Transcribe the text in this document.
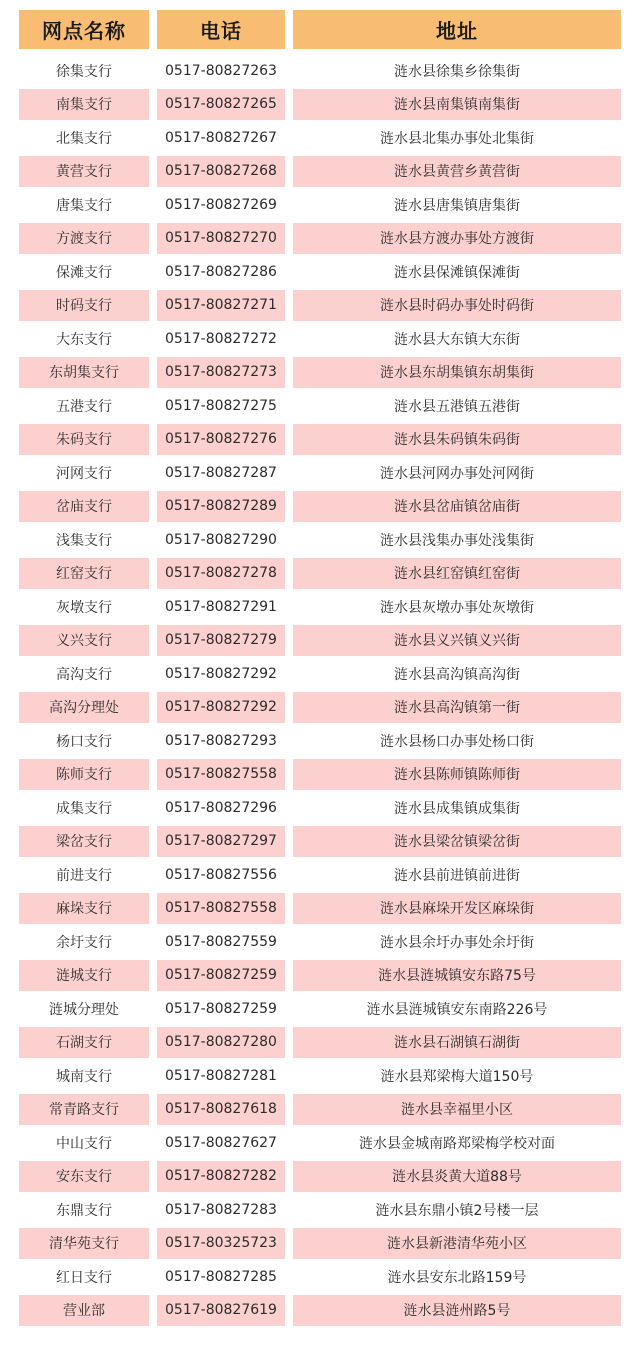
网点名称	电话	地址
徐集支行	0517-80827263	涟水县徐集乡徐集街
南集支行	0517-80827265	涟水县南集镇南集街
北集支行	0517-80827267	涟水县北集办事处北集街
黄营支行	0517-80827268	涟水县黄营乡黄营街
唐集支行	0517-80827269	涟水县唐集镇唐集街
方渡支行	0517-80827270	涟水县方渡办事处方渡街
保滩支行	0517-80827286	涟水县保滩镇保滩街
时码支行	0517-80827271	涟水县时码办事处时码街
大东支行	0517-80827272	涟水县大东镇大东街
东胡集支行	0517-80827273	涟水县东胡集镇东胡集街
五港支行	0517-80827275	涟水县五港镇五港街
朱码支行	0517-80827276	涟水县朱码镇朱码街
河网支行	0517-80827287	涟水县河网办事处河网街
岔庙支行	0517-80827289	涟水县岔庙镇岔庙街
浅集支行	0517-80827290	涟水县浅集办事处浅集街
红窑支行	0517-80827278	涟水县红窑镇红窑街
灰墩支行	0517-80827291	涟水县灰墩办事处灰墩街
义兴支行	0517-80827279	涟水县义兴镇义兴街
高沟支行	0517-80827292	涟水县高沟镇高沟街
高沟分理处	0517-80827292	涟水县高沟镇第一街
杨口支行	0517-80827293	涟水县杨口办事处杨口街
陈师支行	0517-80827558	涟水县陈师镇陈师街
成集支行	0517-80827296	涟水县成集镇成集街
梁岔支行	0517-80827297	涟水县梁岔镇梁岔街
前进支行	0517-80827556	涟水县前进镇前进街
麻垛支行	0517-80827558	涟水县麻垛开发区麻垛街
余圩支行	0517-80827559	涟水县余圩办事处余圩街
涟城支行	0517-80827259	涟水县涟城镇安东路75号
涟城分理处	0517-80827259	涟水县涟城镇安东南路226号
石湖支行	0517-80827280	涟水县石湖镇石湖街
城南支行	0517-80827281	涟水县郑梁梅大道150号
常青路支行	0517-80827618	涟水县幸福里小区
中山支行	0517-80827627	涟水县金城南路郑梁梅学校对面
安东支行	0517-80827282	涟水县炎黄大道88号
东鼎支行	0517-80827283	涟水县东鼎小镇2号楼一层
清华苑支行	0517-80325723	涟水县新港清华苑小区
红日支行	0517-80827285	涟水县安东北路159号
营业部	0517-80827619	涟水县涟州路5号
